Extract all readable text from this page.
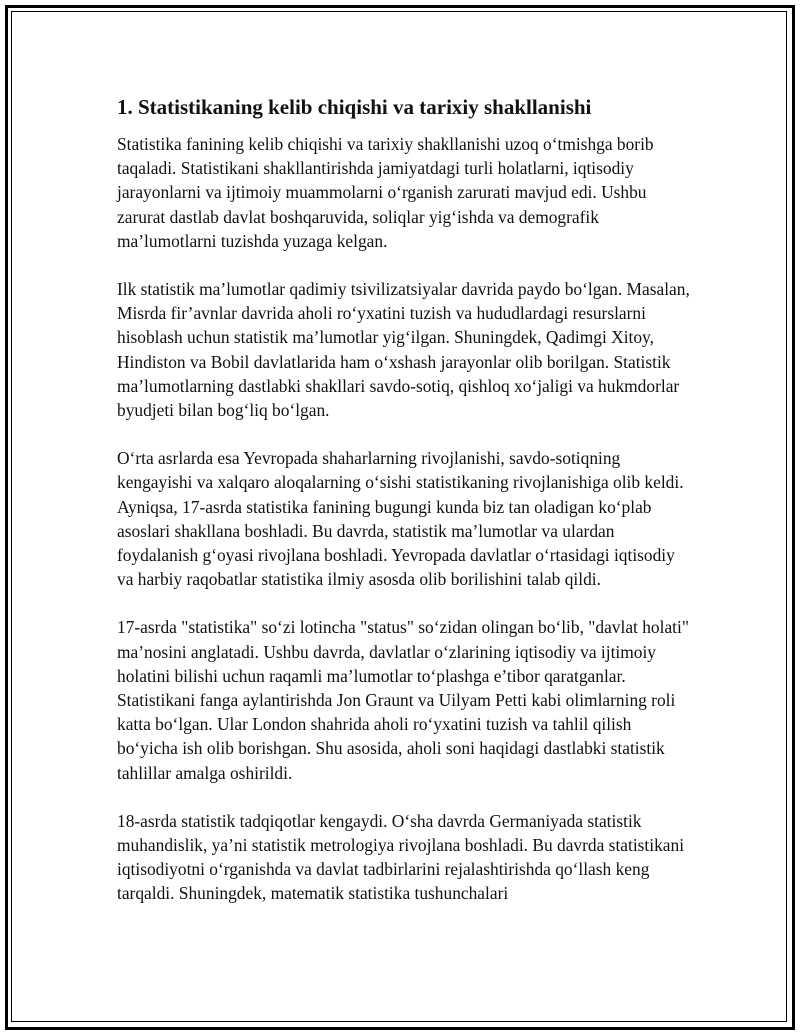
1. Statistikaning kelib chiqishi va tarixiy shakllanishi

Statistika fanining kelib chiqishi va tarixiy shakllanishi uzoq o‘tmishga borib taqaladi. Statistikani shakllantirishda jamiyatdagi turli holatlarni, iqtisodiy jarayonlarni va ijtimoiy muammolarni o‘rganish zarurati mavjud edi. Ushbu zarurat dastlab davlat boshqaruvida, soliqlar yig‘ishda va demografik ma’lumotlarni tuzishda yuzaga kelgan.

Ilk statistik ma’lumotlar qadimiy tsivilizatsiyalar davrida paydo bo‘lgan. Masalan, Misrda fir’avnlar davrida aholi ro‘yxatini tuzish va hududlardagi resurslarni hisoblash uchun statistik ma’lumotlar yig‘ilgan. Shuningdek, Qadimgi Xitoy, Hindiston va Bobil davlatlarida ham o‘xshash jarayonlar olib borilgan. Statistik ma’lumotlarning dastlabki shakllari savdo-sotiq, qishloq xo‘jaligi va hukmdorlar byudjeti bilan bog‘liq bo‘lgan.

O‘rta asrlarda esa Yevropada shaharlarning rivojlanishi, savdo-sotiqning kengayishi va xalqaro aloqalarning o‘sishi statistikaning rivojlanishiga olib keldi. Ayniqsa, 17-asrda statistika fanining bugungi kunda biz tan oladigan ko‘plab asoslari shakllana boshladi. Bu davrda, statistik ma’lumotlar va ulardan foydalanish g‘oyasi rivojlana boshladi. Yevropada davlatlar o‘rtasidagi iqtisodiy va harbiy raqobatlar statistika ilmiy asosda olib borilishini talab qildi.

17-asrda "statistika" so‘zi lotincha "status" so‘zidan olingan bo‘lib, "davlat holati" ma’nosini anglatadi. Ushbu davrda, davlatlar o‘zlarining iqtisodiy va ijtimoiy holatini bilishi uchun raqamli ma’lumotlar to‘plashga e’tibor qaratganlar. Statistikani fanga aylantirishda Jon Graunt va Uilyam Petti kabi olimlarning roli katta bo‘lgan. Ular London shahrida aholi ro‘yxatini tuzish va tahlil qilish bo‘yicha ish olib borishgan. Shu asosida, aholi soni haqidagi dastlabki statistik tahlillar amalga oshirildi.

18-asrda statistik tadqiqotlar kengaydi. O‘sha davrda Germaniyada statistik muhandislik, ya’ni statistik metrologiya rivojlana boshladi. Bu davrda statistikani iqtisodiyotni o‘rganishda va davlat tadbirlarini rejalashtirishda qo‘llash keng tarqaldi. Shuningdek, matematik statistika tushunchalari
